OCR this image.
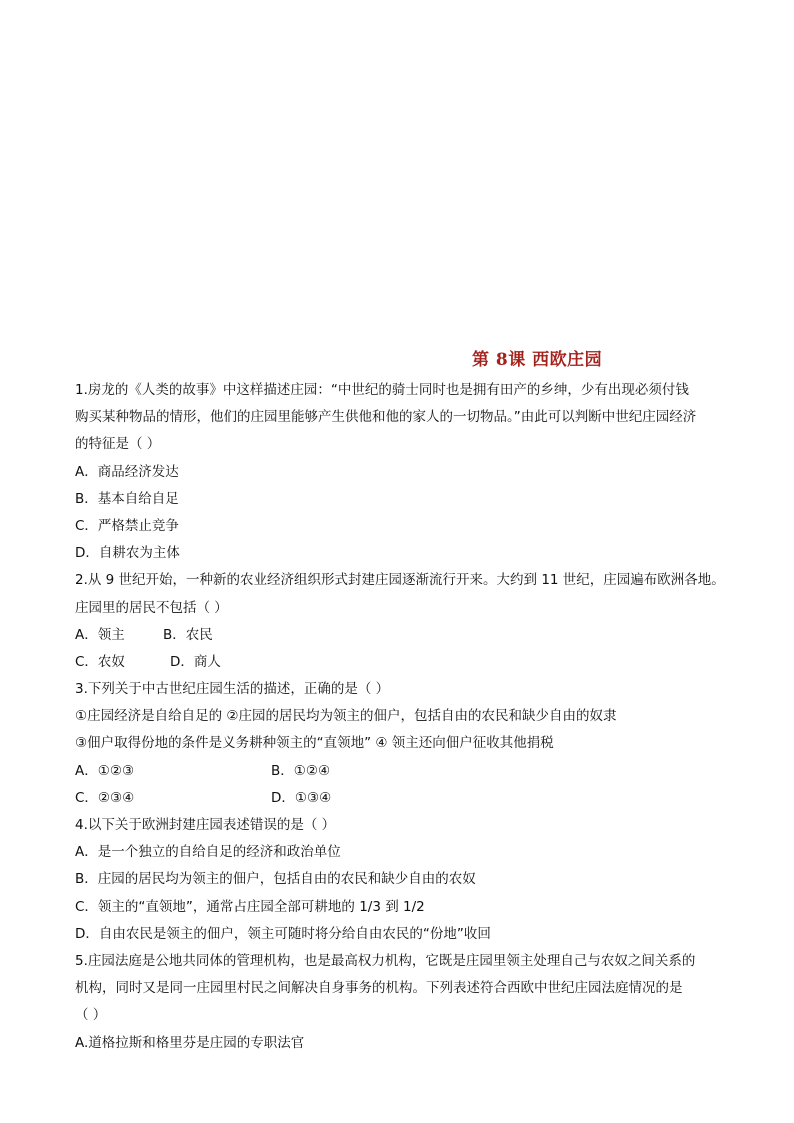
第 8课 西欧庄园
1.房龙的《人类的故事》中这样描述庄园：“中世纪的骑士同时也是拥有田产的乡绅，少有出现必须付钱
购买某种物品的情形，他们的庄园里能够产生供他和他的家人的一切物品。”由此可以判断中世纪庄园经济
的特征是（ ）
A．商品经济发达
B．基本自给自足
C．严格禁止竞争
D．自耕农为主体
2.从 9 世纪开始，一种新的农业经济组织形式封建庄园逐渐流行开来。大约到 11 世纪，庄园遍布欧洲各地。
庄园里的居民不包括（ ）
A．领主	B．农民
C．农奴	D．商人
3.下列关于中古世纪庄园生活的描述，正确的是（ ）
①庄园经济是自给自足的 ②庄园的居民均为领主的佃户，包括自由的农民和缺少自由的奴隶
③佃户取得份地的条件是义务耕种领主的“直领地” ④ 领主还向佃户征收其他捐税
A．①②③	B．①②④
C．②③④	D．①③④
4.以下关于欧洲封建庄园表述错误的是（ ）
A．是一个独立的自给自足的经济和政治单位
B．庄园的居民均为领主的佃户，包括自由的农民和缺少自由的农奴
C．领主的“直领地”，通常占庄园全部可耕地的 1/3 到 1/2
D．自由农民是领主的佃户，领主可随时将分给自由农民的“份地”收回
5.庄园法庭是公地共同体的管理机构，也是最高权力机构，它既是庄园里领主处理自己与农奴之间关系的
机构，同时又是同一庄园里村民之间解决自身事务的机构。下列表述符合西欧中世纪庄园法庭情况的是
（ ）
A.道格拉斯和格里芬是庄园的专职法官
